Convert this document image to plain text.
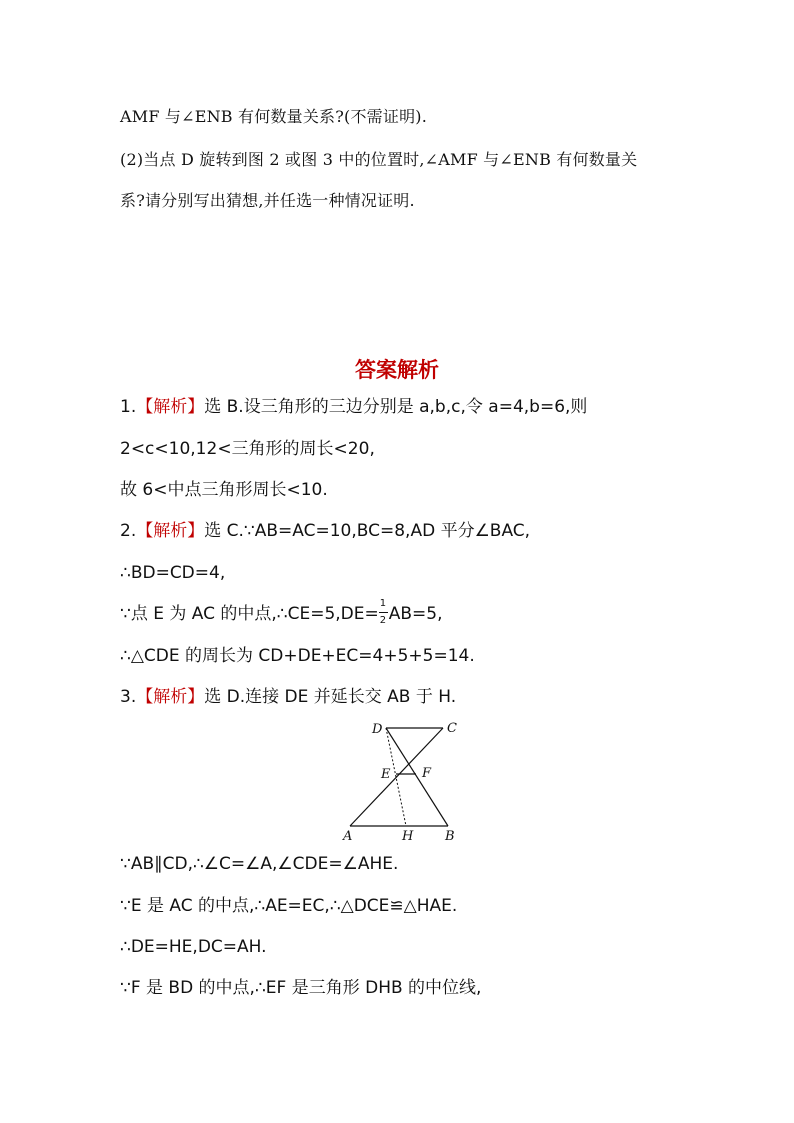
AMF 与∠ENB 有何数量关系?(不需证明).
(2)当点 D 旋转到图 2 或图 3 中的位置时,∠AMF 与∠ENB 有何数量关
系?请分别写出猜想,并任选一种情况证明.
答案解析
1.【解析】选 B.设三角形的三边分别是 a,b,c,令 a=4,b=6,则
2<c<10,12<三角形的周长<20,
故 6<中点三角形周长<10.
2.【解析】选 C.∵AB=AC=10,BC=8,AD 平分∠BAC,
∴BD=CD=4,
∵点 E 为 AC 的中点,∴CE=5,DE= $\frac{1}{2} AB=5$,
∴△CDE 的周长为 CD+DE+EC=4+5+5=14.
3.【解析】选 D.连接 DE 并延长交 AB 于 H.
D	C
E F
A	H B
∵AB∥CD,∴∠C=∠A,∠CDE=∠AHE.
∵E 是 AC 的中点,∴AE=EC,∴△DCE≌△HAE.
∴DE=HE,DC=AH.
∵F 是 BD 的中点,∴EF 是三角形 DHB 的中位线,
